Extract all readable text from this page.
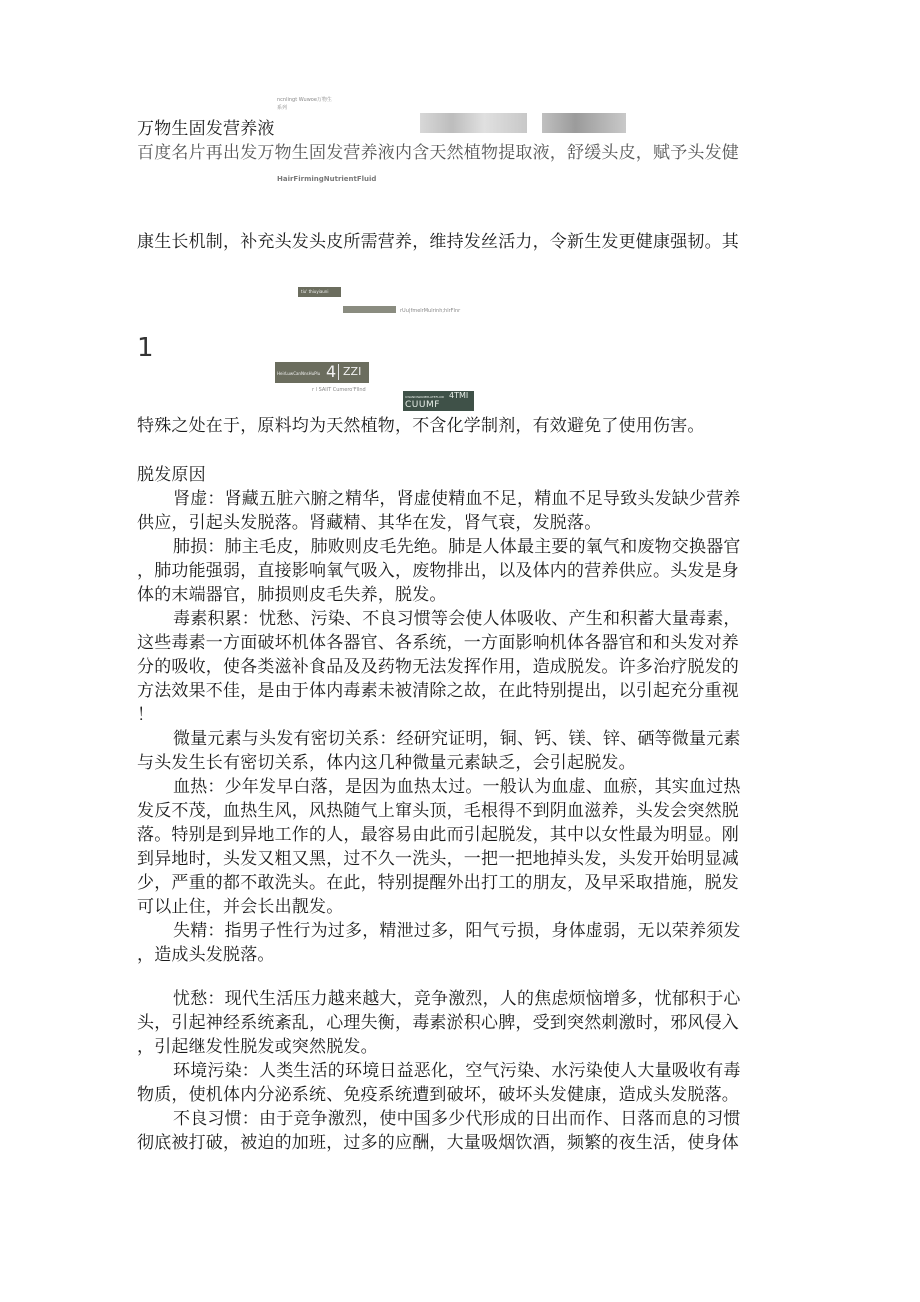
ncnlingt Wuwoe万物生
系列
万物生固发营养液
百度名片再出发万物生固发营养液内含天然植物提取液，舒缓头皮，赋予头发健
HairFirmingNutrientFluid
康生长机制，补充头发头皮所需营养，维持发丝活力，令新生发更健康强韧。其
tiu' thiuyiauni
rUu|fmelrMulrinh;hlrFlnr
1
HeirLuwCanNnsHuPlu 4 ZZI
r l SAllT Cumero'Fllnd
UWANDIWANEPLATEFLUID 4TMI
CUUMF
特殊之处在于，原料均为天然植物，不含化学制剂，有效避免了使用伤害。
脱发原因
肾虚：肾藏五脏六腑之精华，肾虚使精血不足，精血不足导致头发缺少营养
供应，引起头发脱落。肾藏精、其华在发，肾气衰，发脱落。
肺损：肺主毛皮，肺败则皮毛先绝。肺是人体最主要的氧气和废物交换器官
，肺功能强弱，直接影响氧气吸入，废物排出，以及体内的营养供应。头发是身
体的末端器官，肺损则皮毛失养，脱发。
毒素积累：忧愁、污染、不良习惯等会使人体吸收、产生和积蓄大量毒素，
这些毒素一方面破坏机体各器官、各系统，一方面影响机体各器官和和头发对养
分的吸收，使各类滋补食品及及药物无法发挥作用，造成脱发。许多治疗脱发的
方法效果不佳，是由于体内毒素未被清除之故，在此特别提出，以引起充分重视
！
微量元素与头发有密切关系：经研究证明，铜、钙、镁、锌、硒等微量元素
与头发生长有密切关系，体内这几种微量元素缺乏，会引起脱发。
血热：少年发早白落，是因为血热太过。一般认为血虚、血瘀，其实血过热
发反不茂，血热生风，风热随气上窜头顶，毛根得不到阴血滋养，头发会突然脱
落。特别是到异地工作的人，最容易由此而引起脱发，其中以女性最为明显。刚
到异地时，头发又粗又黑，过不久一洗头，一把一把地掉头发，头发开始明显减
少，严重的都不敢洗头。在此，特别提醒外出打工的朋友，及早采取措施，脱发
可以止住，并会长出靓发。
失精：指男子性行为过多，精泄过多，阳气亏损，身体虚弱，无以荣养须发
，造成头发脱落。
忧愁：现代生活压力越来越大，竞争激烈，人的焦虑烦恼增多，忧郁积于心
头，引起神经系统紊乱，心理失衡，毒素淤积心脾，受到突然刺激时，邪风侵入
，引起继发性脱发或突然脱发。
环境污染：人类生活的环境日益恶化，空气污染、水污染使人大量吸收有毒
物质，使机体内分泌系统、免疫系统遭到破坏，破坏头发健康，造成头发脱落。
不良习惯：由于竞争激烈，使中国多少代形成的日出而作、日落而息的习惯
彻底被打破，被迫的加班，过多的应酬，大量吸烟饮酒，频繁的夜生活，使身体
